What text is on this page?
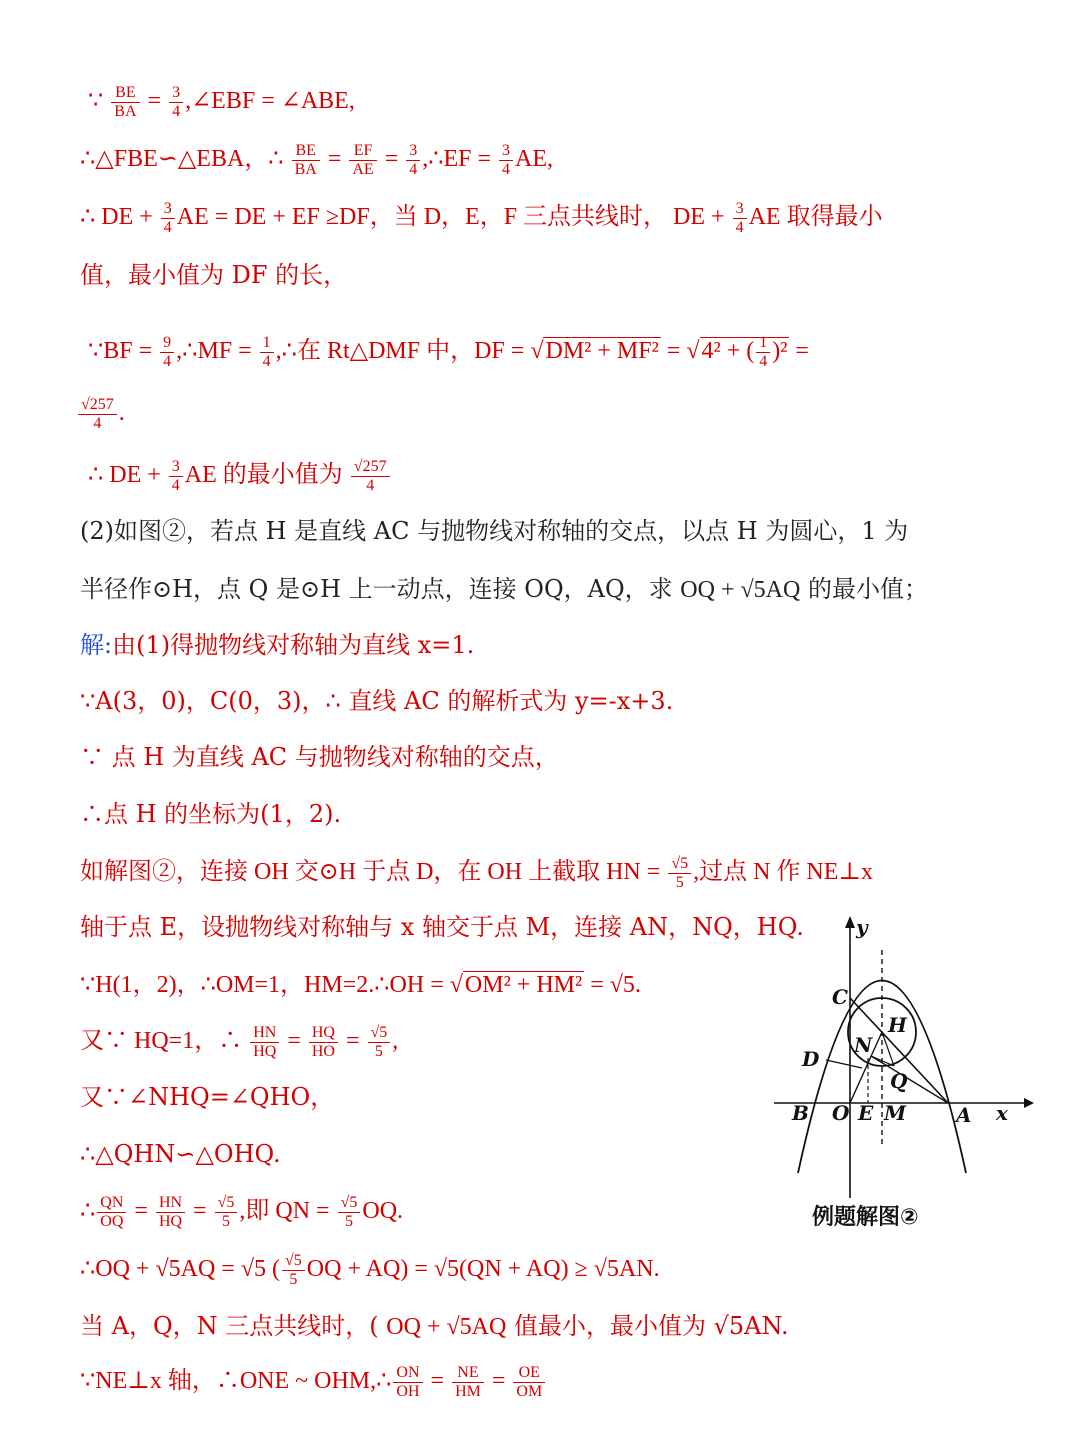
∵ $\frac{BE}{BA} = \frac{3}{4}$ ,∠EBF = ∠ABE,
∴△FBE∽△EBA，∴ $\frac{BE}{BA} = \frac{EF}{AE} = \frac{3}{4}$ ,∴EF = $\frac{3}{4}$ AE,
∴ DE + $\frac{3}{4}$ AE = DE + EF ≥DF，当 D，E，F 三点共线时， DE + $\frac{3}{4}$ AE 取得最小
值，最小值为 DF 的长，
∵BF = $\frac{9}{4}$ ,∴MF = $\frac{1}{4}$ ,∴在 Rt△DMF 中，DF = √DM² + MF² = √4² + ( $\frac{1}{4} )^2$ =
$\frac{√257}{4}$ .
∴ DE + $\frac{3}{4}$ AE 的最小值为 $\frac{√257}{4}$
(2)如图②，若点 H 是直线 AC 与抛物线对称轴的交点，以点 H 为圆心，1 为
半径作⊙H，点 Q 是⊙H 上一动点，连接 OQ，AQ，求 OQ + √5AQ 的最小值；
解:由(1)得抛物线对称轴为直线 x=1.
∵A(3，0)，C(0，3)，∴ 直线 AC 的解析式为 y=-x+3.
∵ 点 H 为直线 AC 与抛物线对称轴的交点，
∴点 H 的坐标为(1，2).
如解图②，连接 OH 交⊙H 于点 D，在 OH 上截取 HN = $\frac{√5}{5}$ ,过点 N 作 NE⊥x
轴于点 E，设抛物线对称轴与 x 轴交于点 M，连接 AN，NQ，HQ.
∵H(1，2)，∴OM=1，HM=2.∴OH = √OM² + HM² = √5.
又∵ HQ=1，∴ $\frac{HN}{HQ} = \frac{HQ}{HO} = \frac{√5}{5}$ ,
又∵∠NHQ=∠QHO，
∴△QHN∽△OHQ.
∴ $\frac{QN}{OQ} = \frac{HN}{HQ} = \frac{√5}{5}$ ,即 QN = $\frac{√5}{5}$ OQ.
∴OQ + √5AQ = √5 ( $\frac{√5}{5}$ OQ + AQ) = √5(QN + AQ) ≥ √5AN.
当 A，Q，N 三点共线时，( OQ + √5AQ 值最小，最小值为 √5AN.
∵NE⊥x 轴，∴ONE ~ OHM,∴ $\frac{ON}{OH} = \frac{NE}{HM} = \frac{OE}{OM}$
y
x
C
H
D
N
Q
B O E M A
例题解图②
